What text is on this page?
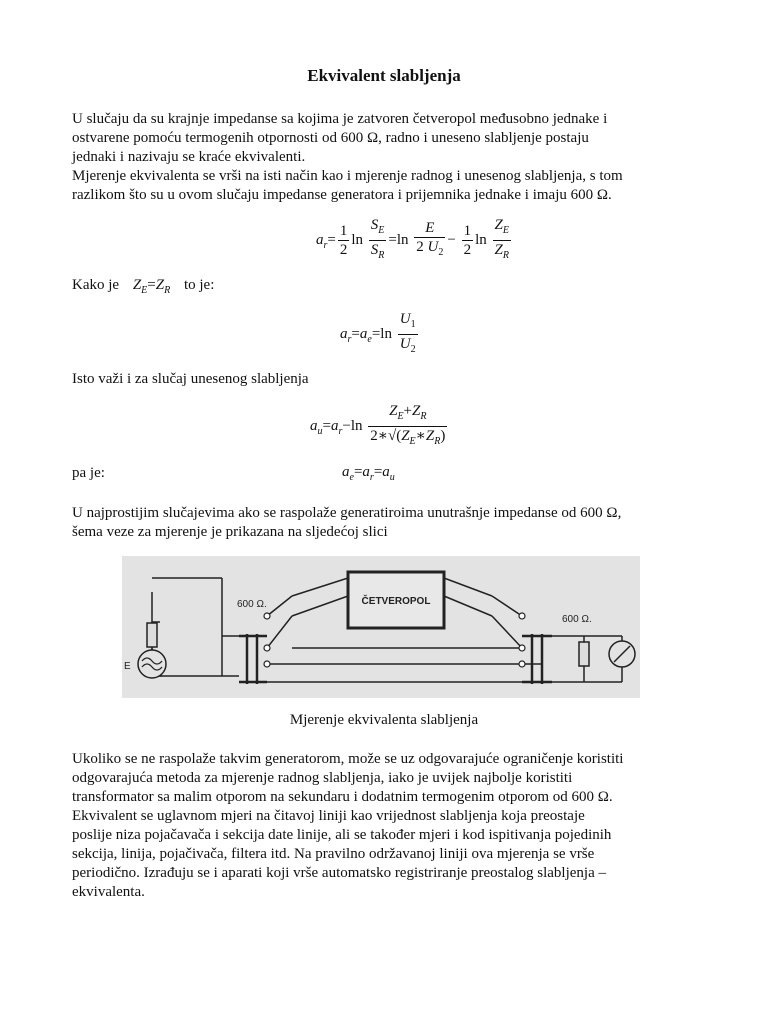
Ekvivalent slabljenja

U slučaju da su krajnje impedanse sa kojima je zatvoren četveropol međusobno jednake i
ostvarene pomoću termogenih otpornosti od 600 Ω, radno i uneseno slabljenje postaju
jednaki i nazivaju se kraće ekvivalenti.
Mjerenje ekvivalenta se vrši na isti način kao i mjerenje radnog i unesenog slabljenja, s tom
razlikom što su u ovom slučaju impedanse generatora i prijemnika jednake i imaju 600 Ω.

$a_r= \frac{1}{2}$ $\ln \frac{S_E}{S_R} =\ln \frac{E}{2 U_2} - \frac{1}{2}$ $\ln \frac{Z_E}{Z_R}$
Kako je $Z_E=Z_R$ to je:
$a_r=a_e=\ln \frac{U_1}{U_2}$
Isto važi i za slučaj unesenog slabljenja
$a_u=a_r-\ln \frac{Z_E+Z_R}{2∗√(Z_E∗Z_R)}$
pa je:	$a_e=a_r=a_u$

U najprostijim slučajevima ako se raspolaže generatiroima unutrašnje impedanse od 600 Ω,
šema veze za mjerenje je prikazana na sljedećoj slici

600 Ω.
600 Ω.
E
ČETVEROPOL
Mjerenje ekvivalenta slabljenja

Ukoliko se ne raspolaže takvim generatorom, može se uz odgovarajuće ograničenje koristiti
odgovarajuća metoda za mjerenje radnog slabljenja, iako je uvijek najbolje koristiti
transformator sa malim otporom na sekundaru i dodatnim termogenim otporom od 600 Ω.
Ekvivalent se uglavnom mjeri na čitavoj liniji kao vrijednost slabljenja koja preostaje
poslije niza pojačavača i sekcija date linije, ali se također mjeri i kod ispitivanja pojedinih
sekcija, linija, pojačivača, filtera itd. Na pravilno održavanoj liniji ova mjerenja se vrše
periodično. Izrađuju se i aparati koji vrše automatsko registriranje preostalog slabljenja –
ekvivalenta.
